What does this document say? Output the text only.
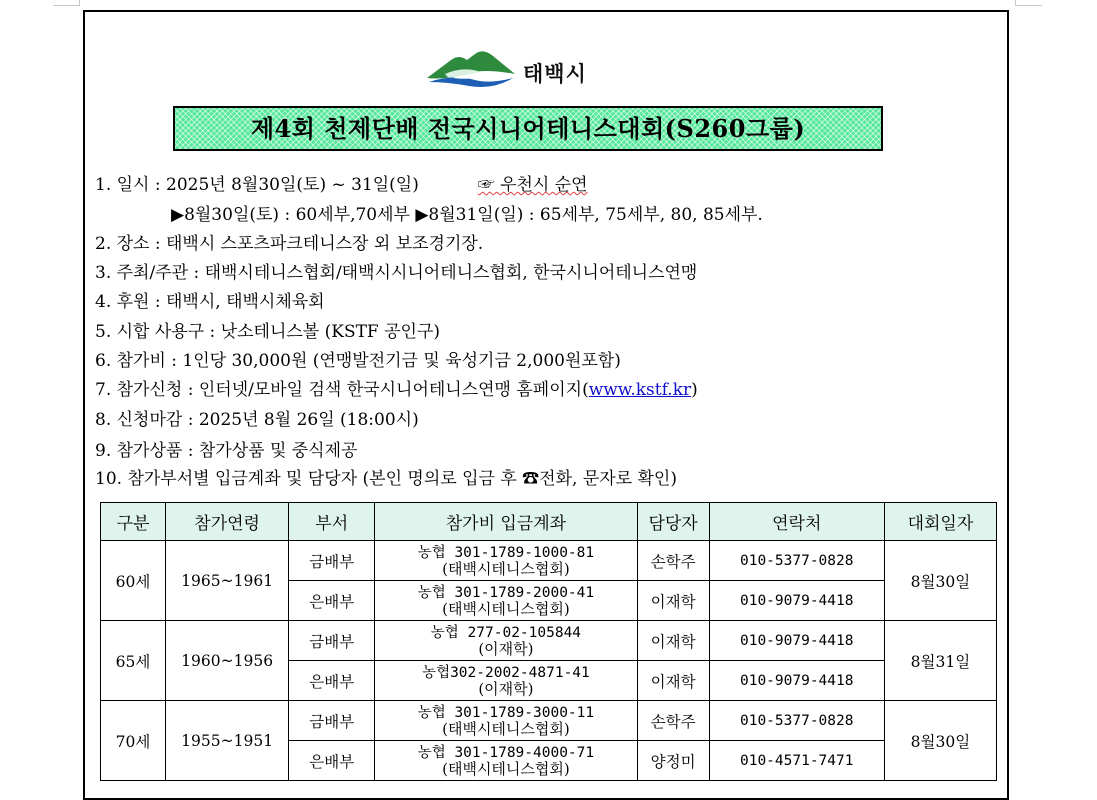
태백시
제4회 천제단배 전국시니어테니스대회(S260그룹)
1. 일시 : 2025년 8월30일(토) ~ 31일(일)	☞ 우천시 순연
▶8월30일(토) : 60세부,70세부 ▶8월31일(일) : 65세부, 75세부, 80, 85세부.
2. 장소 : 태백시 스포츠파크테니스장 외 보조경기장.
3. 주최/주관 : 태백시테니스협회/태백시시니어테니스협회, 한국시니어테니스연맹
4. 후원 : 태백시, 태백시체육회
5. 시합 사용구 : 낫소테니스볼 (KSTF 공인구)
6. 참가비 : 1인당 30,000원 (연맹발전기금 및 육성기금 2,000원포함)
7. 참가신청 : 인터넷/모바일 검색 한국시니어테니스연맹 홈페이지(www.kstf.kr)
8. 신청마감 : 2025년 8월 26일 (18:00시)
9. 참가상품 : 참가상품 및 중식제공
10. 참가부서별 입금계좌 및 담당자 (본인 명의로 입금 후 ☎전화, 문자로 확인)
구분	참가연령	부서	참가비 입금계좌	담당자	연락처	대회일자
60세	1965~1961	금배부	농협 301-1789-1000-81
(태백시테니스협회)	손학주	010-5377-0828	8월30일
		은배부	농협 301-1789-2000-41
(태백시테니스협회)	이재학	010-9079-4418	
65세	1960~1956	금배부	농협 277-02-105844
(이재학)	이재학	010-9079-4418	8월31일
		은배부	농협302-2002-4871-41
(이재학)	이재학	010-9079-4418	
70세	1955~1951	금배부	농협 301-1789-3000-11
(태백시테니스협회)	손학주	010-5377-0828	8월30일
		은배부	농협 301-1789-4000-71
(태백시테니스협회)	양정미	010-4571-7471	
